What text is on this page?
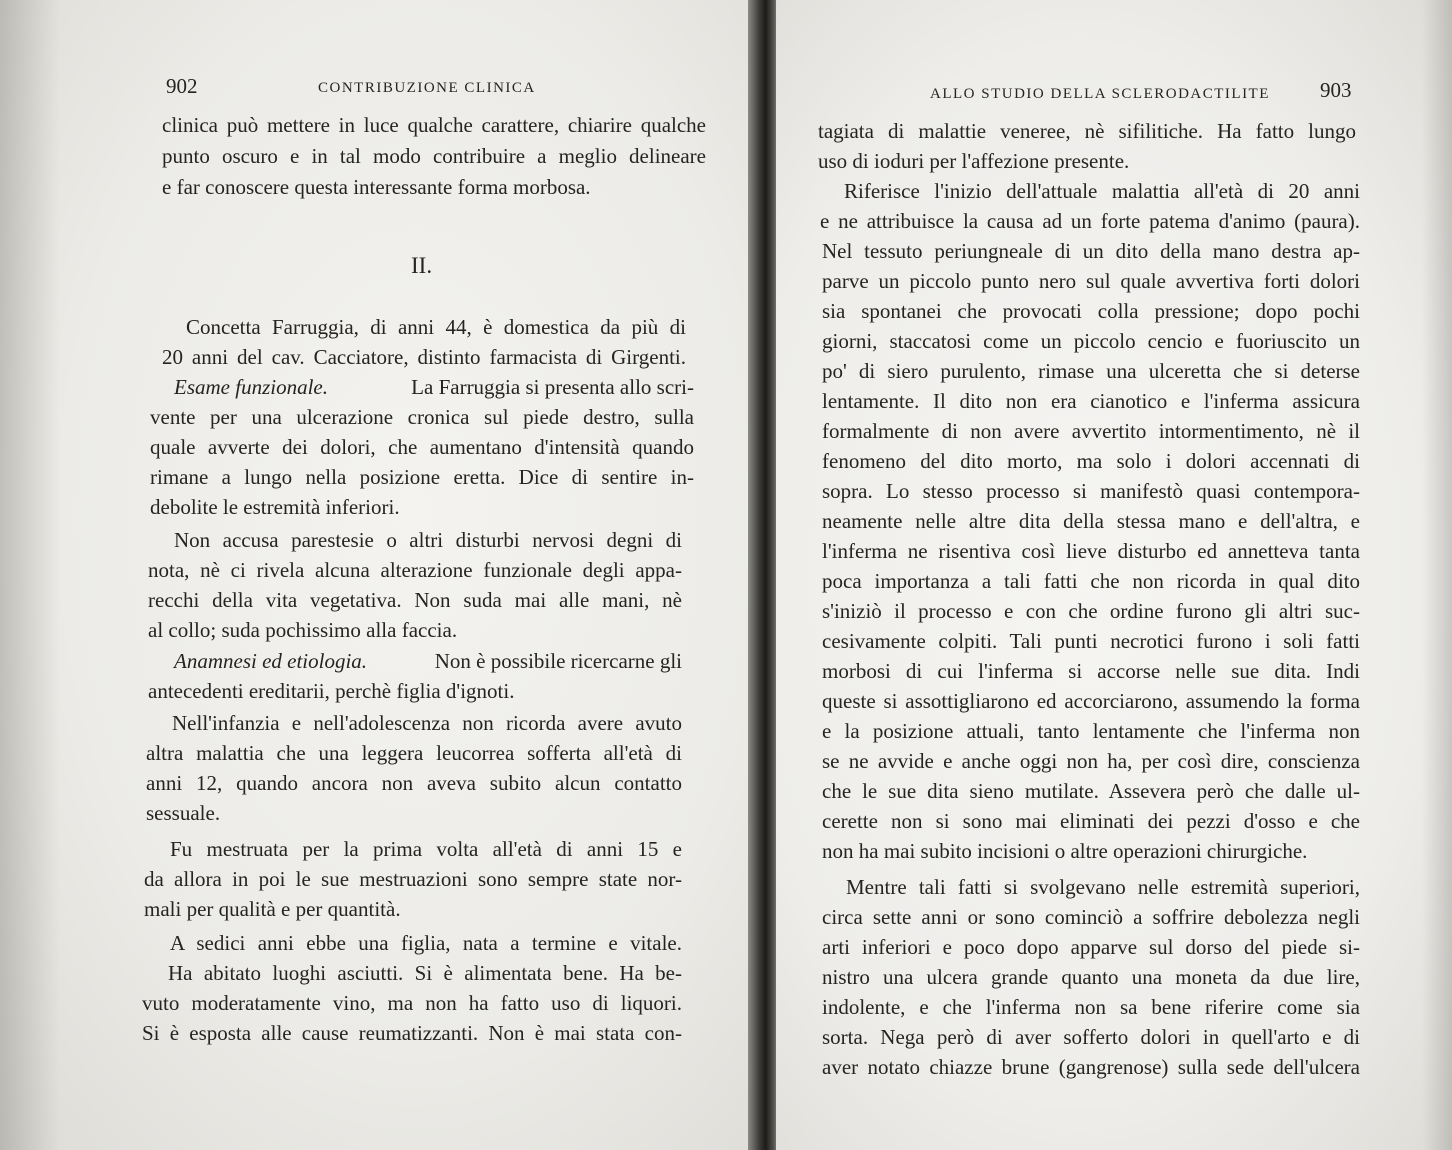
902	CONTRIBUZIONE CLINICA
clinica può mettere in luce qualche carattere, chiarire qualche
punto oscuro e in tal modo contribuire a meglio delineare
e far conoscere questa interessante forma morbosa.
II.
Concetta Farruggia, di anni 44, è domestica da più di
20 anni del cav. Cacciatore, distinto farmacista di Girgenti.
Esame funzionale.	La Farruggia si presenta allo scri-
vente per una ulcerazione cronica sul piede destro, sulla
quale avverte dei dolori, che aumentano d'intensità quando
rimane a lungo nella posizione eretta. Dice di sentire in-
debolite le estremità inferiori.
Non accusa parestesie o altri disturbi nervosi degni di
nota, nè ci rivela alcuna alterazione funzionale degli appa-
recchi della vita vegetativa. Non suda mai alle mani, nè
al collo; suda pochissimo alla faccia.
Anamnesi ed etiologia.	Non è possibile ricercarne gli
antecedenti ereditarii, perchè figlia d'ignoti.
Nell'infanzia e nell'adolescenza non ricorda avere avuto
altra malattia che una leggera leucorrea sofferta all'età di
anni 12, quando ancora non aveva subito alcun contatto
sessuale.
Fu mestruata per la prima volta all'età di anni 15 e
da allora in poi le sue mestruazioni sono sempre state nor-
mali per qualità e per quantità.
A sedici anni ebbe una figlia, nata a termine e vitale.
Ha abitato luoghi asciutti. Si è alimentata bene. Ha be-
vuto moderatamente vino, ma non ha fatto uso di liquori.
Si è esposta alle cause reumatizzanti. Non è mai stata con-
ALLO STUDIO DELLA SCLERODACTILITE 903
tagiata di malattie veneree, nè sifilitiche. Ha fatto lungo
uso di ioduri per l'affezione presente.
Riferisce l'inizio dell'attuale malattia all'età di 20 anni
e ne attribuisce la causa ad un forte patema d'animo (paura).
Nel tessuto periungneale di un dito della mano destra ap-
parve un piccolo punto nero sul quale avvertiva forti dolori
sia spontanei che provocati colla pressione; dopo pochi
giorni, staccatosi come un piccolo cencio e fuoriuscito un
po' di siero purulento, rimase una ulceretta che si deterse
lentamente. Il dito non era cianotico e l'inferma assicura
formalmente di non avere avvertito intormentimento, nè il
fenomeno del dito morto, ma solo i dolori accennati di
sopra. Lo stesso processo si manifestò quasi contempora-
neamente nelle altre dita della stessa mano e dell'altra, e
l'inferma ne risentiva così lieve disturbo ed annetteva tanta
poca importanza a tali fatti che non ricorda in qual dito
s'iniziò il processo e con che ordine furono gli altri suc-
cesivamente colpiti. Tali punti necrotici furono i soli fatti
morbosi di cui l'inferma si accorse nelle sue dita. Indi
queste si assottigliarono ed accorciarono, assumendo la forma
e la posizione attuali, tanto lentamente che l'inferma non
se ne avvide e anche oggi non ha, per così dire, conscienza
che le sue dita sieno mutilate. Assevera però che dalle ul-
cerette non si sono mai eliminati dei pezzi d'osso e che
non ha mai subito incisioni o altre operazioni chirurgiche.
Mentre tali fatti si svolgevano nelle estremità superiori,
circa sette anni or sono cominciò a soffrire debolezza negli
arti inferiori e poco dopo apparve sul dorso del piede si-
nistro una ulcera grande quanto una moneta da due lire,
indolente, e che l'inferma non sa bene riferire come sia
sorta. Nega però di aver sofferto dolori in quell'arto e di
aver notato chiazze brune (gangrenose) sulla sede dell'ulcera
